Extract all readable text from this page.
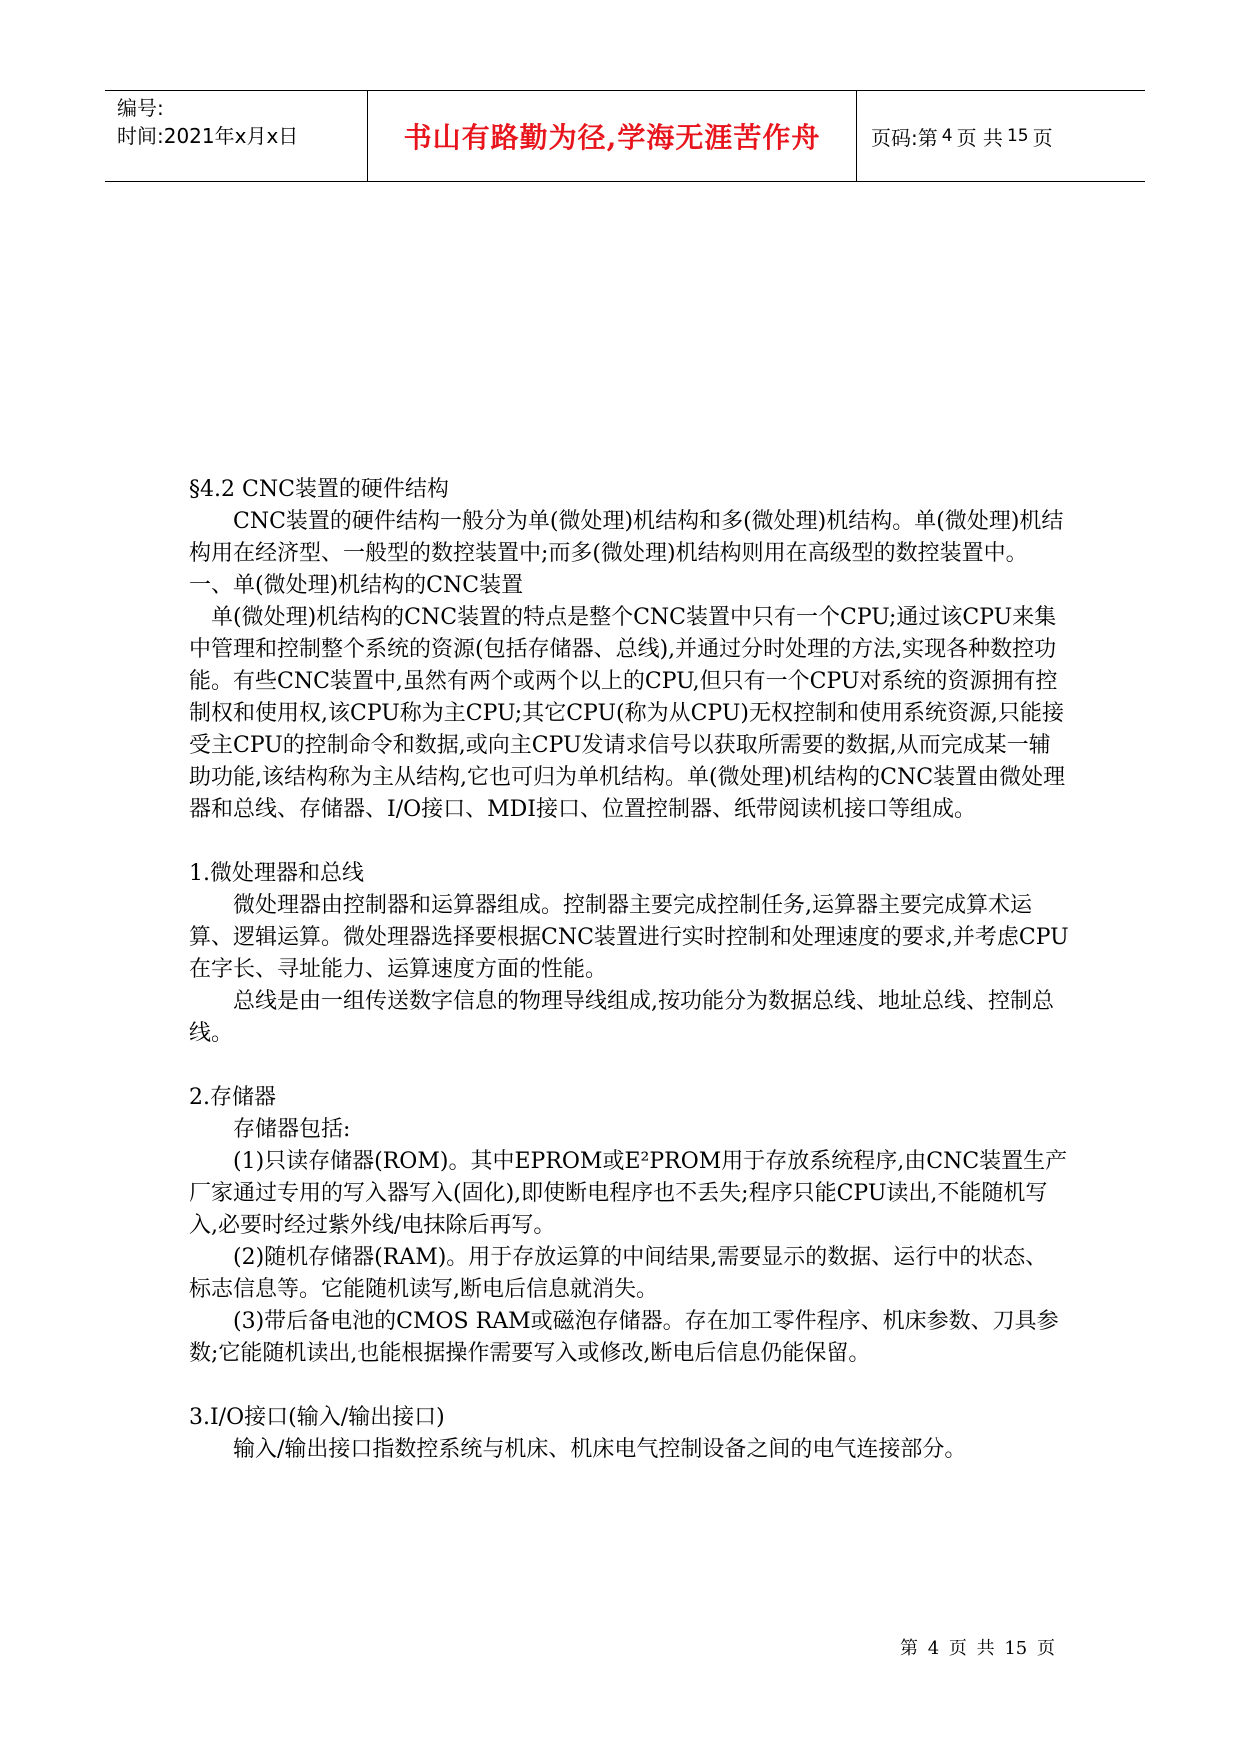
编号:
时间:2021年x月x日	书山有路勤为径,学海无涯苦作舟	页码:第 4 页 共 15 页

§4.2 CNC装置的硬件结构

CNC装置的硬件结构一般分为单(微处理)机结构和多(微处理)机结构。单(微处理)机结构用在经济型、一般型的数控装置中;而多(微处理)机结构则用在高级型的数控装置中。

一、单(微处理)机结构的CNC装置

单(微处理)机结构的CNC装置的特点是整个CNC装置中只有一个CPU;通过该CPU来集中管理和控制整个系统的资源(包括存储器、总线),并通过分时处理的方法,实现各种数控功能。有些CNC装置中,虽然有两个或两个以上的CPU,但只有一个CPU对系统的资源拥有控制权和使用权,该CPU称为主CPU;其它CPU(称为从CPU)无权控制和使用系统资源,只能接受主CPU的控制命令和数据,或向主CPU发请求信号以获取所需要的数据,从而完成某一辅助功能,该结构称为主从结构,它也可归为单机结构。单(微处理)机结构的CNC装置由微处理器和总线、存储器、I/O接口、MDI接口、位置控制器、纸带阅读机接口等组成。

1.微处理器和总线

微处理器由控制器和运算器组成。控制器主要完成控制任务,运算器主要完成算术运算、逻辑运算。微处理器选择要根据CNC装置进行实时控制和处理速度的要求,并考虑CPU在字长、寻址能力、运算速度方面的性能。

总线是由一组传送数字信息的物理导线组成,按功能分为数据总线、地址总线、控制总线。

2.存储器

存储器包括:

(1)只读存储器(ROM)。其中EPROM或E²PROM用于存放系统程序,由CNC装置生产厂家通过专用的写入器写入(固化),即使断电程序也不丢失;程序只能CPU读出,不能随机写入,必要时经过紫外线/电抹除后再写。

(2)随机存储器(RAM)。用于存放运算的中间结果,需要显示的数据、运行中的状态、标志信息等。它能随机读写,断电后信息就消失。

(3)带后备电池的CMOS RAM或磁泡存储器。存在加工零件程序、机床参数、刀具参数;它能随机读出,也能根据操作需要写入或修改,断电后信息仍能保留。

3.I/O接口(输入/输出接口)

输入/输出接口指数控系统与机床、机床电气控制设备之间的电气连接部分。

第 4 页 共 15 页
